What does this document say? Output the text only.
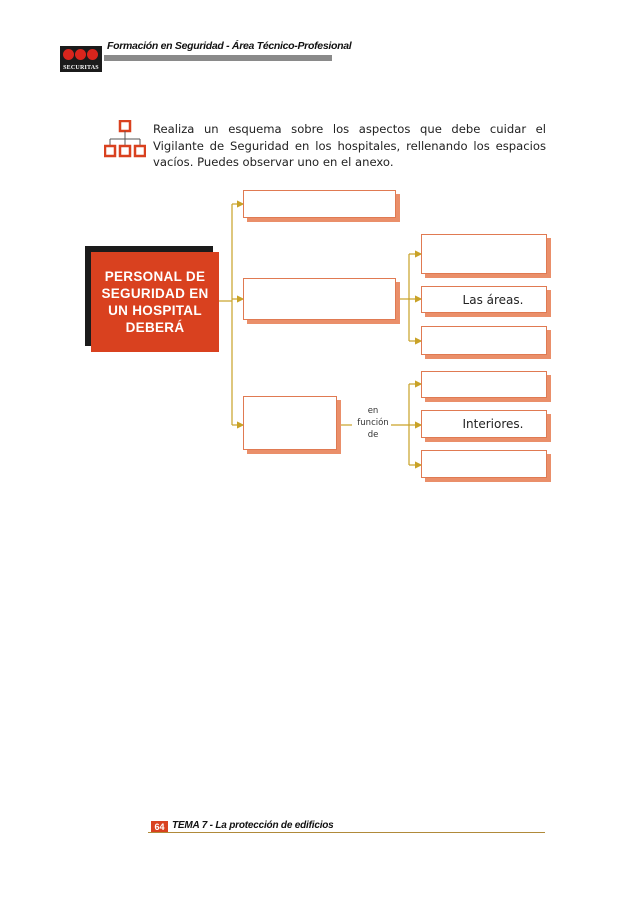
SECURITAS
Formación en Seguridad - Área Técnico-Profesional
Realiza un esquema sobre los aspectos que debe cuidar el Vigilante de Seguridad en los hospitales, rellenando los espacios vacíos. Puedes observar uno en el anexo.
PERSONAL DE
SEGURIDAD EN
UN HOSPITAL
DEBERÁ
en
función
de
Las áreas.
Interiores.
64 TEMA 7 - La protección de edificios
